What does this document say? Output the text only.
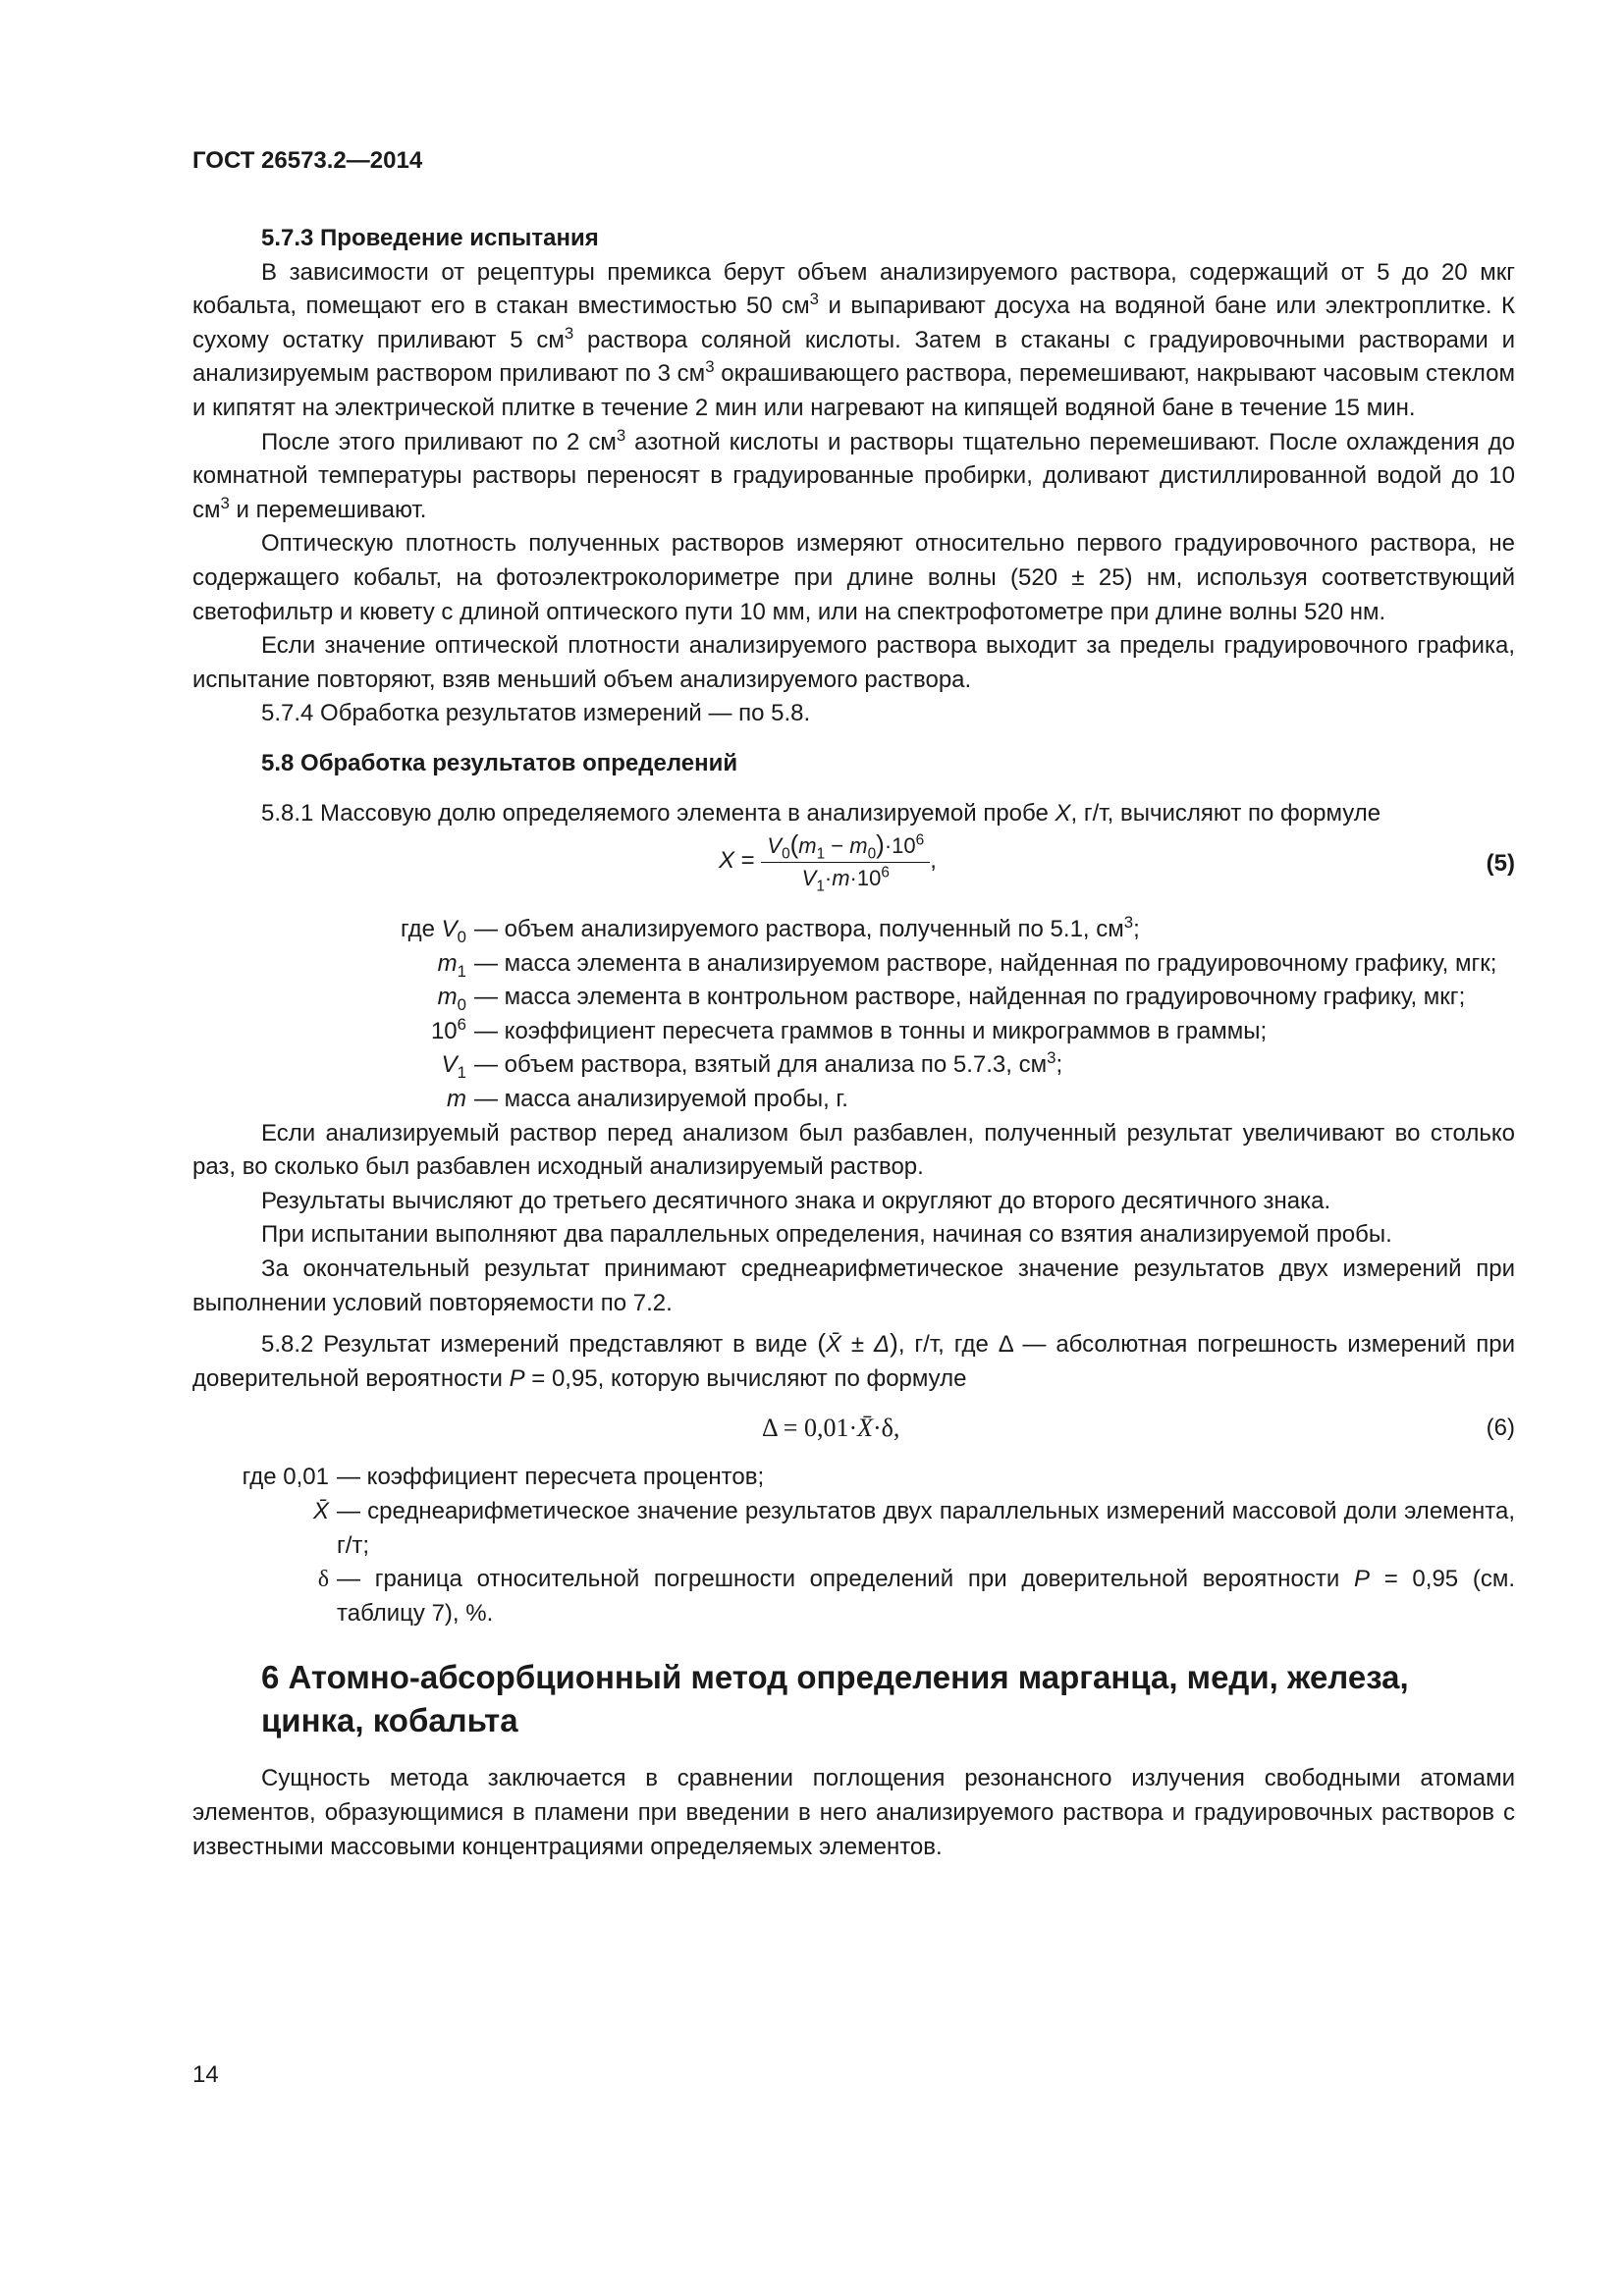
ГОСТ 26573.2—2014
5.7.3 Проведение испытания

В зависимости от рецептуры премикса берут объем анализируемого раствора, содержащий от 5 до 20 мкг кобальта, помещают его в стакан вместимостью 50 $см^3$ и выпаривают досуха на водяной бане или электроплитке. К сухому остатку приливают 5 $см^3$ раствора соляной кислоты. Затем в стаканы с градуировочными растворами и анализируемым раствором приливают по 3 $см^3$ окрашивающего раствора, перемешивают, накрывают часовым стеклом и кипятят на электрической плитке в течение 2 мин или нагревают на кипящей водяной бане в течение 15 мин.

После этого приливают по 2 $см^3$ азотной кислоты и растворы тщательно перемешивают. После охлаждения до комнатной температуры растворы переносят в градуированные пробирки, доливают дистиллированной водой до 10 $см^3$ и перемешивают.

Оптическую плотность полученных растворов измеряют относительно первого градуировочного раствора, не содержащего кобальт, на фотоэлектроколориметре при длине волны (520 ± 25) нм, используя соответствующий светофильтр и кювету с длиной оптического пути 10 мм, или на спектрофотометре при длине волны 520 нм.

Если значение оптической плотности анализируемого раствора выходит за пределы градуировочного графика, испытание повторяют, взяв меньший объем анализируемого раствора.

5.7.4 Обработка результатов измерений — по 5.8.

5.8 Обработка результатов определений

5.8.1 Массовую долю определяемого элемента в анализируемой пробе X, г/т, вычисляют по формуле

$X = \frac{V_0(m_1 - m_0)\cdot 10^6}{V_1\cdot m\cdot 10^6}$ ,	(5)
где $V_0$ — объем анализируемого раствора, полученный по 5.1, $см^3$;
$m_1$ — масса элемента в анализируемом растворе, найденная по градуировочному графику, мгк;
$m_0$ — масса элемента в контрольном растворе, найденная по градуировочному графику, мкг;
$10^6$ — коэффициент пересчета граммов в тонны и микрограммов в граммы;
$V_1$ — объем раствора, взятый для анализа по 5.7.3, $см^3$;
m — масса анализируемой пробы, г.

Если анализируемый раствор перед анализом был разбавлен, полученный результат увеличивают во столько раз, во сколько был разбавлен исходный анализируемый раствор.

Результаты вычисляют до третьего десятичного знака и округляют до второго десятичного знака.

При испытании выполняют два параллельных определения, начиная со взятия анализируемой пробы.

За окончательный результат принимают среднеарифметическое значение результатов двух измерений при выполнении условий повторяемости по 7.2.

5.8.2 Результат измерений представляют в виде (X̄ ± Δ), г/т, где Δ — абсолютная погрешность измерений при доверительной вероятности P = 0,95, которую вычисляют по формуле

Δ = 0,01·X̄·δ,	(6)
где 0,01 — коэффициент пересчета процентов;
X̄ — среднеарифметическое значение результатов двух параллельных измерений массовой доли элемента, г/т;
δ — граница относительной погрешности определений при доверительной вероятности P = 0,95 (см. таблицу 7), %.
6 Атомно-абсорбционный метод определения марганца, меди, железа, цинка, кобальта

Сущность метода заключается в сравнении поглощения резонансного излучения свободными атомами элементов, образующимися в пламени при введении в него анализируемого раствора и градуировочных растворов с известными массовыми концентрациями определяемых элементов.

14
